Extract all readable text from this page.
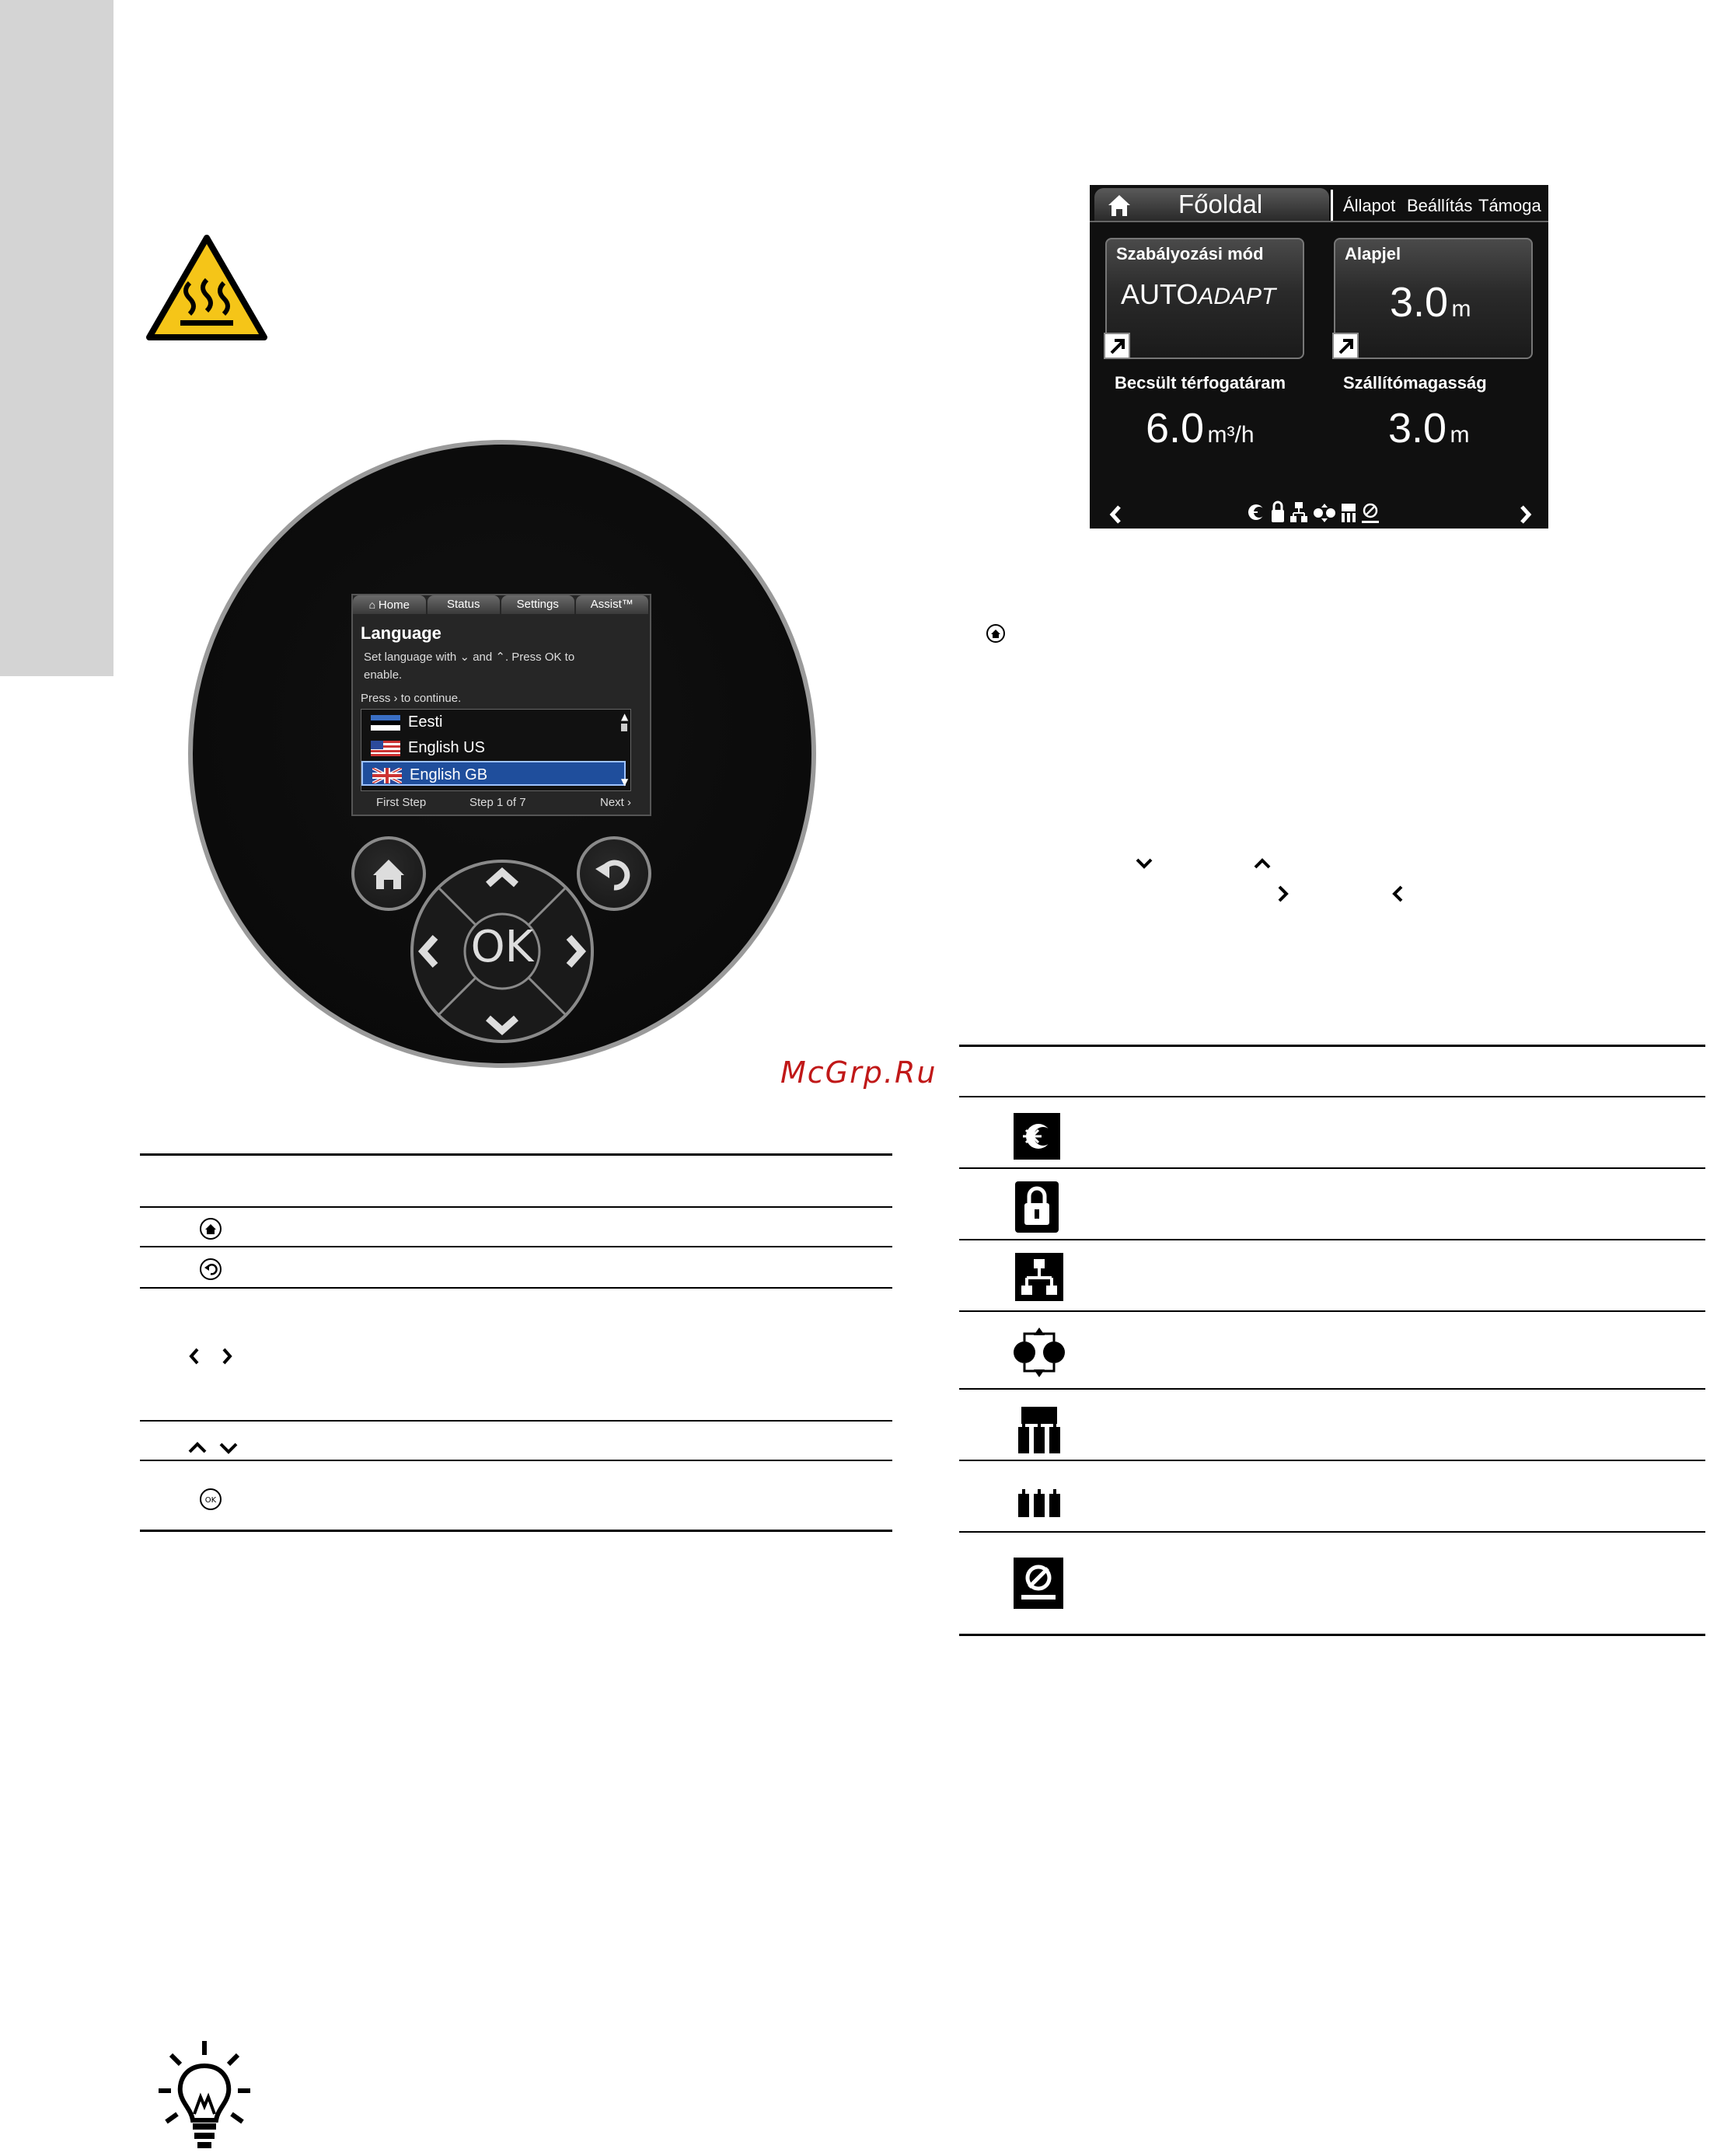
⌂ Home	Status	Settings	Assist™
Language
Set language with ⌄ and ⌃. Press OK to
enable.
Press › to continue.
Eesti
English US
English GB
▲
▼
First Step	Step 1 of 7	Next ›
OK
McGrp.Ru
OK
Főoldal	Állapot Beállítás Támoga
Szabályozási mód
AUTOADAPT
Alapjel
3.0 m
Becsült térfogatáram
6.0 m³/h
Szállítómagasság
3.0 m
